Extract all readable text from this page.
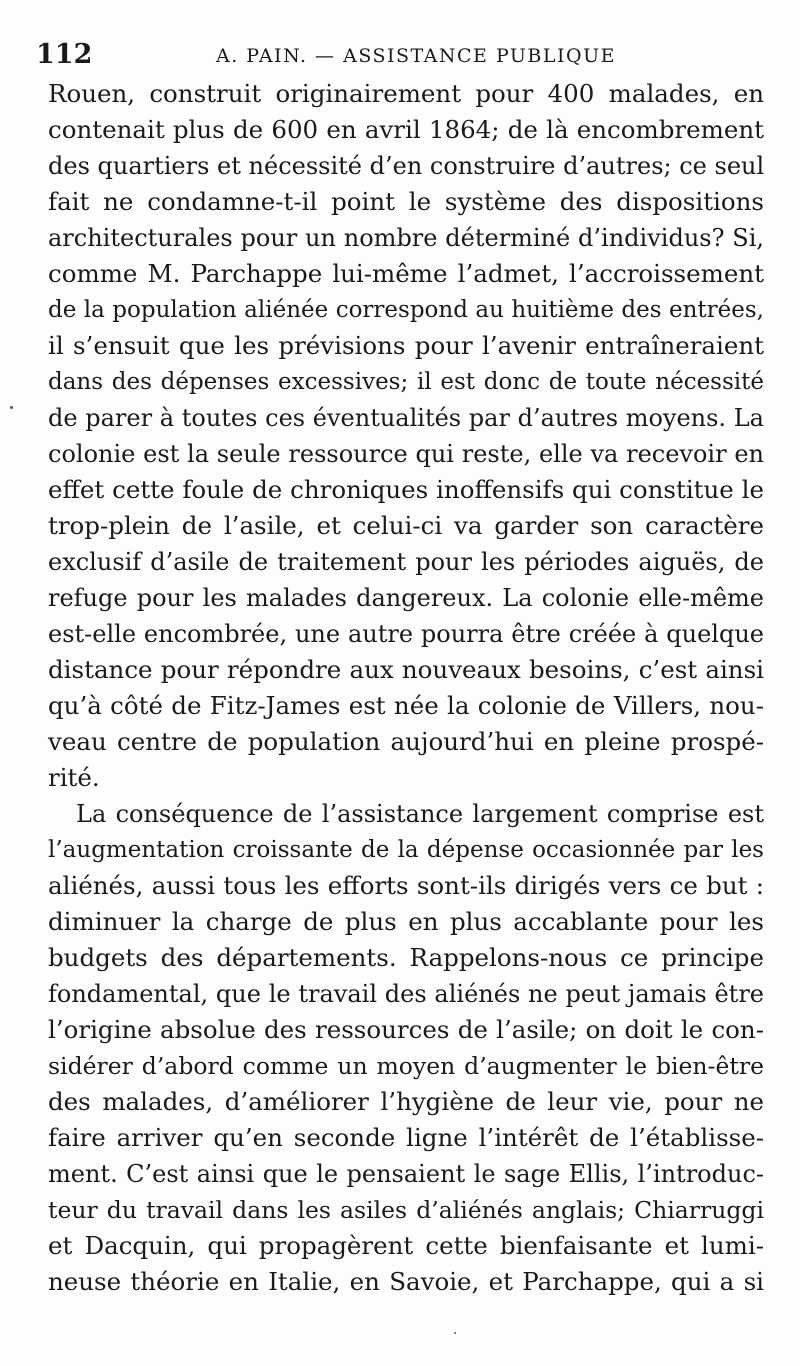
112	A. PAIN. — ASSISTANCE PUBLIQUE
Rouen, construit originairement pour 400 malades, en
contenait plus de 600 en avril 1864; de là encombrement
des quartiers et nécessité d’en construire d’autres; ce seul
fait ne condamne-t-il point le système des dispositions
architecturales pour un nombre déterminé d’individus? Si,
comme M. Parchappe lui-même l’admet, l’accroissement
de la population aliénée correspond au huitième des entrées,
il s’ensuit que les prévisions pour l’avenir entraîneraient
dans des dépenses excessives; il est donc de toute nécessité
de parer à toutes ces éventualités par d’autres moyens. La
colonie est la seule ressource qui reste, elle va recevoir en
effet cette foule de chroniques inoffensifs qui constitue le
trop-plein de l’asile, et celui-ci va garder son caractère
exclusif d’asile de traitement pour les périodes aiguës, de
refuge pour les malades dangereux. La colonie elle-même
est-elle encombrée, une autre pourra être créée à quelque
distance pour répondre aux nouveaux besoins, c’est ainsi
qu’à côté de Fitz-James est née la colonie de Villers, nou-
veau centre de population aujourd’hui en pleine prospé-
rité.
La conséquence de l’assistance largement comprise est
l’augmentation croissante de la dépense occasionnée par les
aliénés, aussi tous les efforts sont-ils dirigés vers ce but :
diminuer la charge de plus en plus accablante pour les
budgets des départements. Rappelons-nous ce principe
fondamental, que le travail des aliénés ne peut jamais être
l’origine absolue des ressources de l’asile; on doit le con-
sidérer d’abord comme un moyen d’augmenter le bien-être
des malades, d’améliorer l’hygiène de leur vie, pour ne
faire arriver qu’en seconde ligne l’intérêt de l’établisse-
ment. C’est ainsi que le pensaient le sage Ellis, l’introduc-
teur du travail dans les asiles d’aliénés anglais; Chiarruggi
et Dacquin, qui propagèrent cette bienfaisante et lumi-
neuse théorie en Italie, en Savoie, et Parchappe, qui a si
